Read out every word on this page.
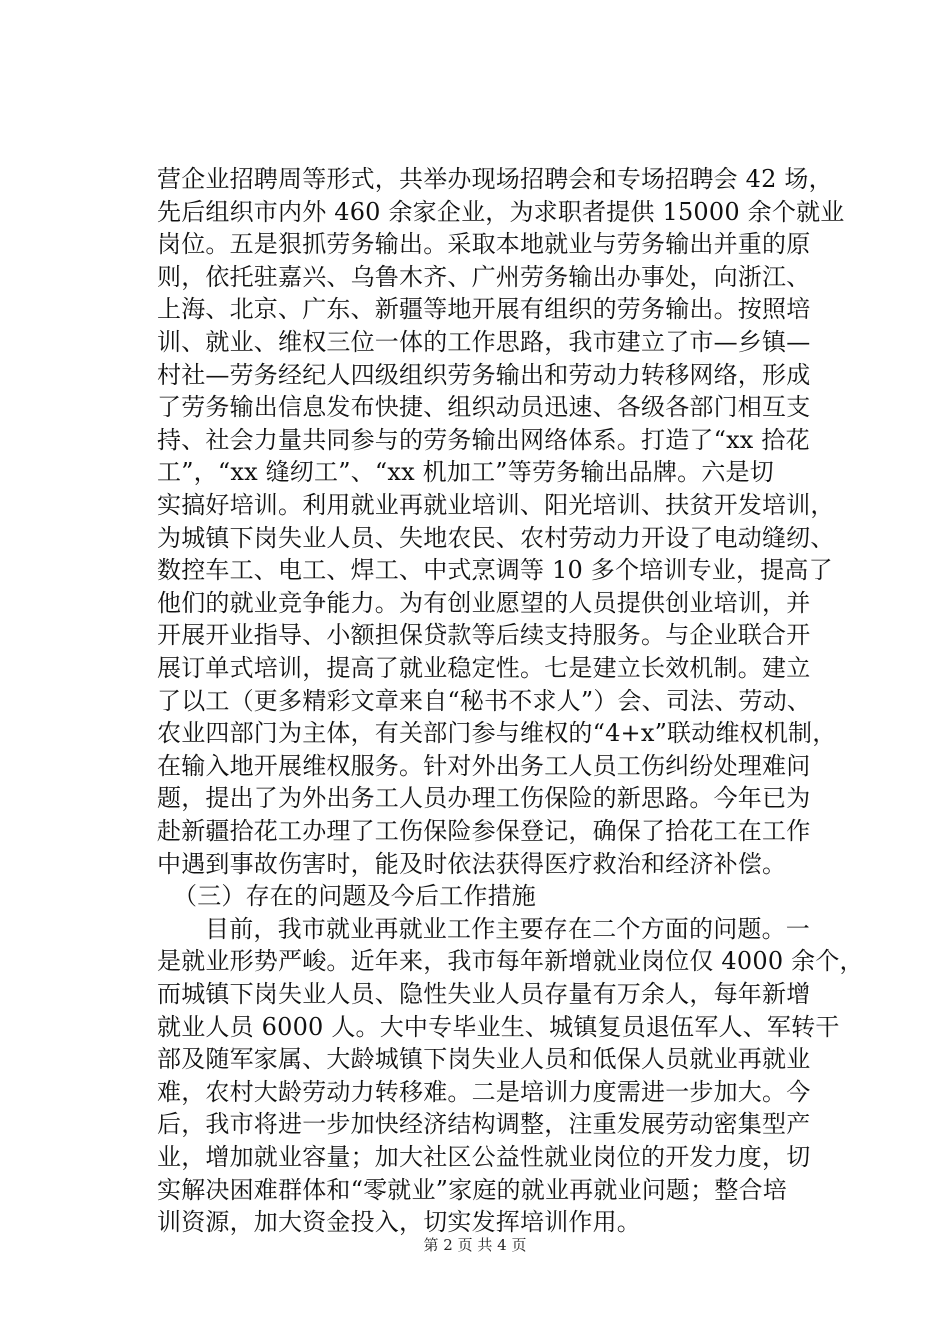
营企业招聘周等形式，共举办现场招聘会和专场招聘会 42 场，
先后组织市内外 460 余家企业，为求职者提供 15000 余个就业
岗位。五是狠抓劳务输出。采取本地就业与劳务输出并重的原
则，依托驻嘉兴、乌鲁木齐、广州劳务输出办事处，向浙江、
上海、北京、广东、新疆等地开展有组织的劳务输出。按照培
训、就业、维权三位一体的工作思路，我市建立了市—乡镇—
村社—劳务经纪人四级组织劳务输出和劳动力转移网络，形成
了劳务输出信息发布快捷、组织动员迅速、各级各部门相互支
持、社会力量共同参与的劳务输出网络体系。打造了“xx 拾花
工”，“xx 缝纫工”、“xx 机加工”等劳务输出品牌。六是切
实搞好培训。利用就业再就业培训、阳光培训、扶贫开发培训，
为城镇下岗失业人员、失地农民、农村劳动力开设了电动缝纫、
数控车工、电工、焊工、中式烹调等 10 多个培训专业，提高了
他们的就业竞争能力。为有创业愿望的人员提供创业培训，并
开展开业指导、小额担保贷款等后续支持服务。与企业联合开
展订单式培训，提高了就业稳定性。七是建立长效机制。建立
了以工（更多精彩文章来自“秘书不求人”）会、司法、劳动、
农业四部门为主体，有关部门参与维权的“4+x”联动维权机制，
在输入地开展维权服务。针对外出务工人员工伤纠纷处理难问
题，提出了为外出务工人员办理工伤保险的新思路。今年已为
赴新疆拾花工办理了工伤保险参保登记，确保了拾花工在工作
中遇到事故伤害时，能及时依法获得医疗救治和经济补偿。
（三）存在的问题及今后工作措施
目前，我市就业再就业工作主要存在二个方面的问题。一
是就业形势严峻。近年来，我市每年新增就业岗位仅 4000 余个，
而城镇下岗失业人员、隐性失业人员存量有万余人，每年新增
就业人员 6000 人。大中专毕业生、城镇复员退伍军人、军转干
部及随军家属、大龄城镇下岗失业人员和低保人员就业再就业
难，农村大龄劳动力转移难。二是培训力度需进一步加大。今
后，我市将进一步加快经济结构调整，注重发展劳动密集型产
业，增加就业容量；加大社区公益性就业岗位的开发力度，切
实解决困难群体和“零就业”家庭的就业再就业问题；整合培
训资源，加大资金投入，切实发挥培训作用。
第 2 页 共 4 页
